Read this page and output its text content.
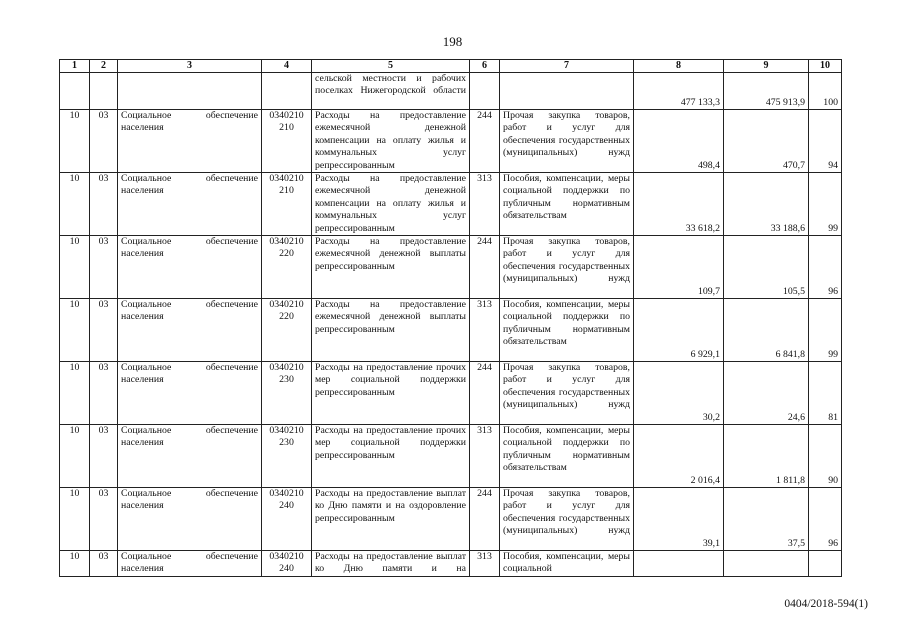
198
1	2	3	4	5	6	7	8	9	10
				сельской местности и рабочих поселках Нижегородской области			477 133,3	475 913,9	100
10	03	Социальное обеспечение населения	0340210 210	Расходы на предоставление ежемесячной денежной компенсации на оплату жилья и коммунальных услуг репрессированным	244	Прочая закупка товаров, работ и услуг для обеспечения государственных (муниципальных) нужд	498,4	470,7	94
10	03	Социальное обеспечение населения	0340210 210	Расходы на предоставление ежемесячной денежной компенсации на оплату жилья и коммунальных услуг репрессированным	313	Пособия, компенсации, меры социальной поддержки по публичным нормативным обязательствам	33 618,2	33 188,6	99
10	03	Социальное обеспечение населения	0340210 220	Расходы на предоставление ежемесячной денежной выплаты репрессированным	244	Прочая закупка товаров, работ и услуг для обеспечения государственных (муниципальных) нужд	109,7	105,5	96
10	03	Социальное обеспечение населения	0340210 220	Расходы на предоставление ежемесячной денежной выплаты репрессированным	313	Пособия, компенсации, меры социальной поддержки по публичным нормативным обязательствам	6 929,1	6 841,8	99
10	03	Социальное обеспечение населения	0340210 230	Расходы на предоставление прочих мер социальной поддержки репрессированным	244	Прочая закупка товаров, работ и услуг для обеспечения государственных (муниципальных) нужд	30,2	24,6	81
10	03	Социальное обеспечение населения	0340210 230	Расходы на предоставление прочих мер социальной поддержки репрессированным	313	Пособия, компенсации, меры социальной поддержки по публичным нормативным обязательствам	2 016,4	1 811,8	90
10	03	Социальное обеспечение населения	0340210 240	Расходы на предоставление выплат ко Дню памяти и на оздоровление репрессированным	244	Прочая закупка товаров, работ и услуг для обеспечения государственных (муниципальных) нужд	39,1	37,5	96
10	03	Социальное обеспечение населения	0340210 240	Расходы на предоставление выплат ко Дню памяти и на	313	Пособия, компенсации, меры социальной			
0404/2018-594(1)
